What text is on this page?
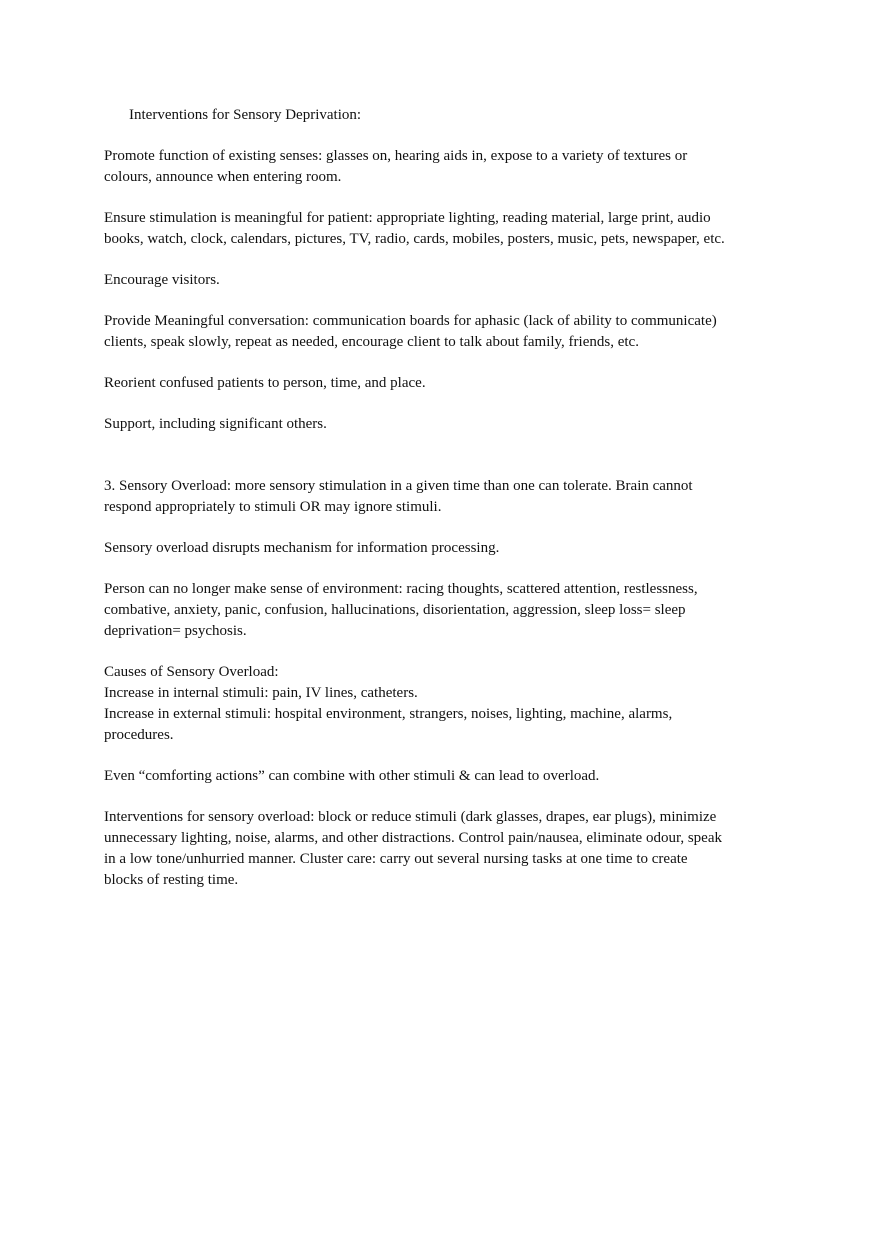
Interventions for Sensory Deprivation:
Promote function of existing senses: glasses on, hearing aids in, expose to a variety of textures or
colours, announce when entering room.
Ensure stimulation is meaningful for patient: appropriate lighting, reading material, large print, audio
books, watch, clock, calendars, pictures, TV, radio, cards, mobiles, posters, music, pets, newspaper, etc.
Encourage visitors.
Provide Meaningful conversation: communication boards for aphasic (lack of ability to communicate)
clients, speak slowly, repeat as needed, encourage client to talk about family, friends, etc.
Reorient confused patients to person, time, and place.
Support, including significant others.
3. Sensory Overload: more sensory stimulation in a given time than one can tolerate. Brain cannot
respond appropriately to stimuli OR may ignore stimuli.
Sensory overload disrupts mechanism for information processing.
Person can no longer make sense of environment: racing thoughts, scattered attention, restlessness,
combative, anxiety, panic, confusion, hallucinations, disorientation, aggression, sleep loss= sleep
deprivation= psychosis.
Causes of Sensory Overload:
Increase in internal stimuli: pain, IV lines, catheters.
Increase in external stimuli: hospital environment, strangers, noises, lighting, machine, alarms,
procedures.
Even “comforting actions” can combine with other stimuli & can lead to overload.
Interventions for sensory overload: block or reduce stimuli (dark glasses, drapes, ear plugs), minimize
unnecessary lighting, noise, alarms, and other distractions. Control pain/nausea, eliminate odour, speak
in a low tone/unhurried manner. Cluster care: carry out several nursing tasks at one time to create
blocks of resting time.
